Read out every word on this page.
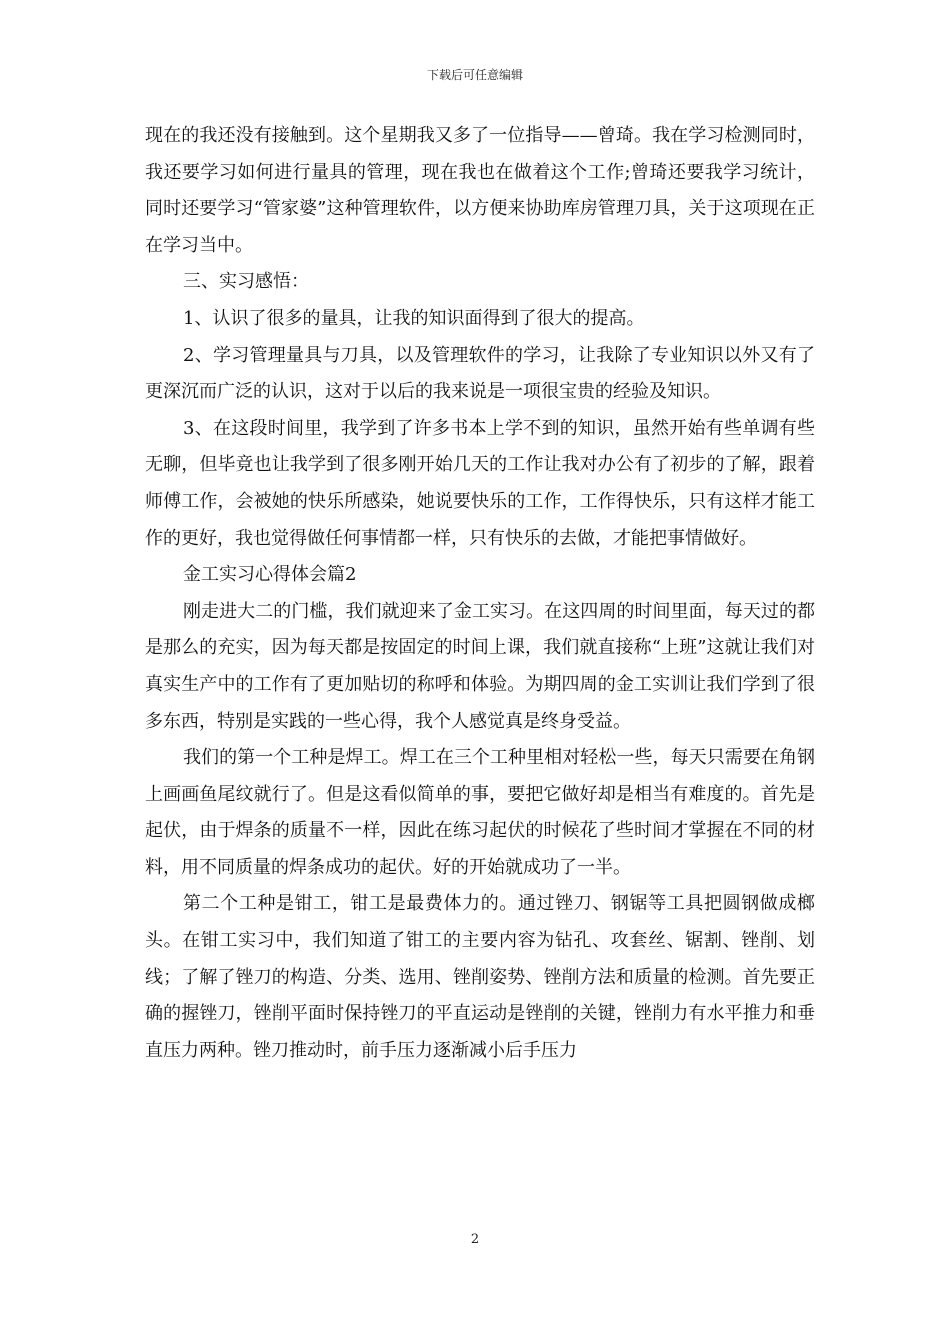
下载后可任意编辑

现在的我还没有接触到。这个星期我又多了一位指导——曾琦。我在学习检测同时，我还要学习如何进行量具的管理，现在我也在做着这个工作;曾琦还要我学习统计，同时还要学习“管家婆”这种管理软件，以方便来协助库房管理刀具，关于这项现在正在学习当中。

三、实习感悟：

1、认识了很多的量具，让我的知识面得到了很大的提高。

2、学习管理量具与刀具，以及管理软件的学习，让我除了专业知识以外又有了更深沉而广泛的认识，这对于以后的我来说是一项很宝贵的经验及知识。

3、在这段时间里，我学到了许多书本上学不到的知识，虽然开始有些单调有些无聊，但毕竟也让我学到了很多刚开始几天的工作让我对办公有了初步的了解，跟着师傅工作，会被她的快乐所感染，她说要快乐的工作，工作得快乐，只有这样才能工作的更好，我也觉得做任何事情都一样，只有快乐的去做，才能把事情做好。

金工实习心得体会篇2

刚走进大二的门槛，我们就迎来了金工实习。在这四周的时间里面，每天过的都是那么的充实，因为每天都是按固定的时间上课，我们就直接称“上班”这就让我们对真实生产中的工作有了更加贴切的称呼和体验。为期四周的金工实训让我们学到了很多东西，特别是实践的一些心得，我个人感觉真是终身受益。

我们的第一个工种是焊工。焊工在三个工种里相对轻松一些，每天只需要在角钢上画画鱼尾纹就行了。但是这看似简单的事，要把它做好却是相当有难度的。首先是起伏，由于焊条的质量不一样，因此在练习起伏的时候花了些时间才掌握在不同的材料，用不同质量的焊条成功的起伏。好的开始就成功了一半。

第二个工种是钳工，钳工是最费体力的。通过锉刀、钢锯等工具把圆钢做成榔头。在钳工实习中，我们知道了钳工的主要内容为钻孔、攻套丝、锯割、锉削、划线；了解了锉刀的构造、分类、选用、锉削姿势、锉削方法和质量的检测。首先要正确的握锉刀，锉削平面时保持锉刀的平直运动是锉削的关键，锉削力有水平推力和垂直压力两种。锉刀推动时，前手压力逐渐减小后手压力

2
